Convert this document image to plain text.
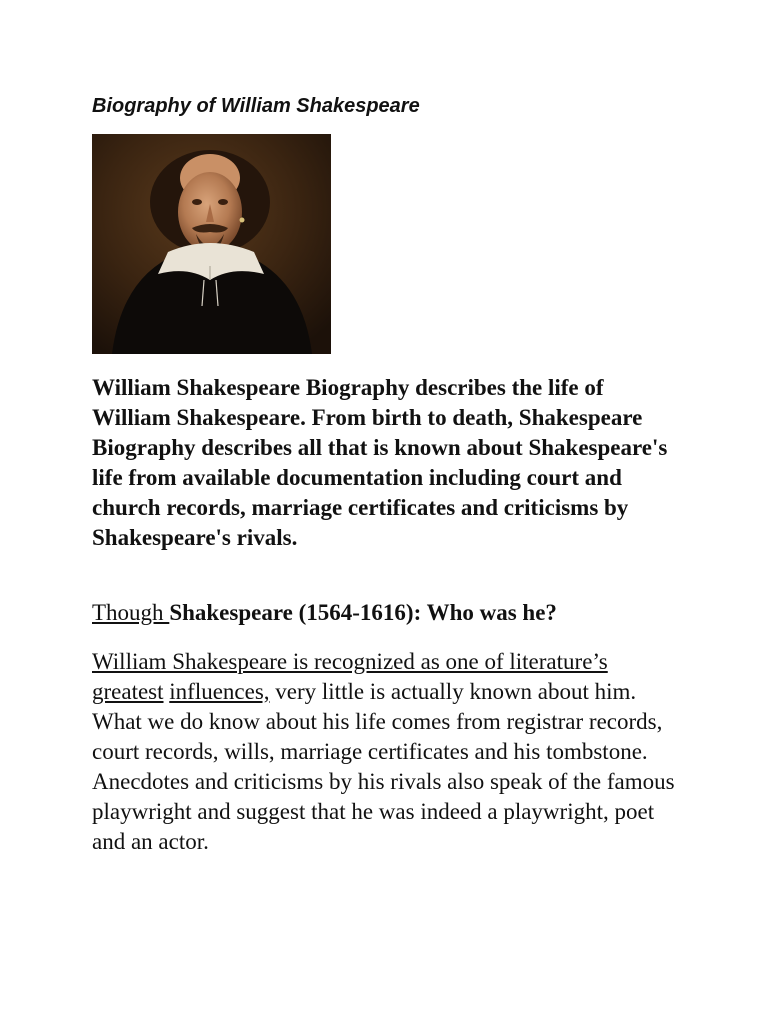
Biography of William Shakespeare

William Shakespeare Biography describes the life of William Shakespeare. From birth to death, Shakespeare Biography describes all that is known about Shakespeare's life from available documentation including court and church records, marriage certificates and criticisms by Shakespeare's rivals.

Though Shakespeare (1564-1616): Who was he?

William Shakespeare is recognized as one of literature’s greatest influences, very little is actually known about him. What we do know about his life comes from registrar records, court records, wills, marriage certificates and his tombstone. Anecdotes and criticisms by his rivals also speak of the famous playwright and suggest that he was indeed a playwright, poet and an actor.
